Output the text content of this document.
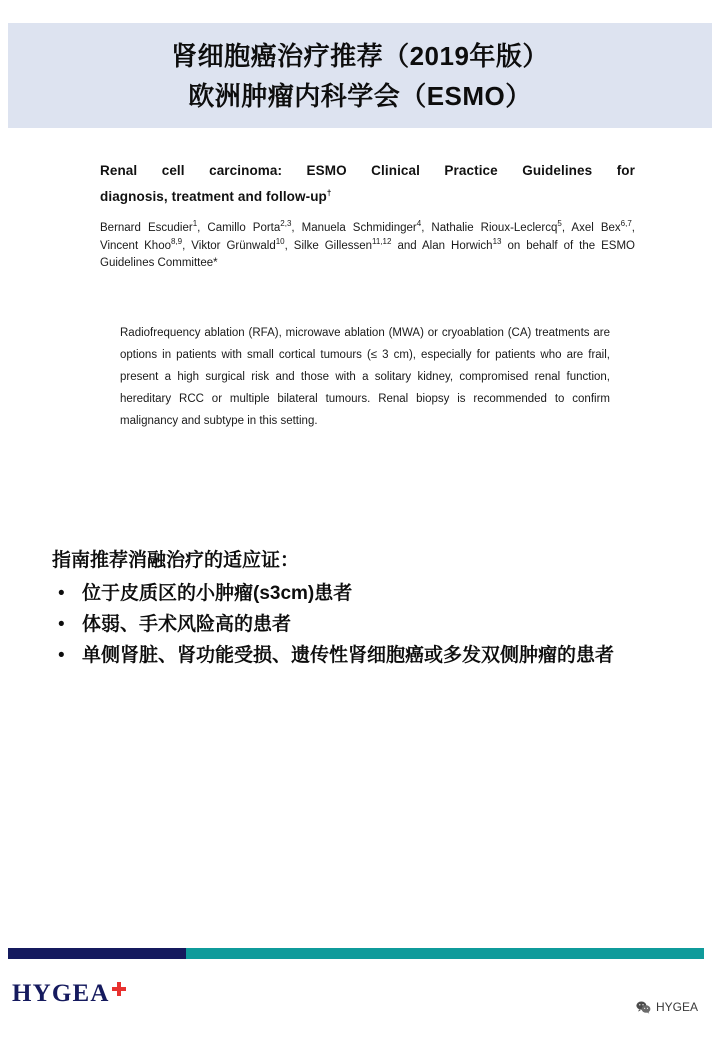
肾细胞癌治疗推荐（2019年版）
欧洲肿瘤内科学会（ESMO）
Renal cell carcinoma: ESMO Clinical Practice Guidelines for
diagnosis, treatment and follow-up†
Bernard Escudier$^1$, Camillo Porta$^{2,3}$, Manuela Schmidinger$^4$, Nathalie Rioux-Leclercq$^5$, Axel Bex$^{6,7}$, Vincent Khoo$^{8,9}$, Viktor Grünwald$^{10}$, Silke Gillessen$^{11,12}$ and Alan Horwich$^{13}$ on behalf of the ESMO Guidelines Committee*
Radiofrequency ablation (RFA), microwave ablation (MWA) or cryoablation (CA) treatments are options in patients with small cortical tumours (≤ 3 cm), especially for patients who are frail, present a high surgical risk and those with a solitary kidney, compromised renal function, hereditary RCC or multiple bilateral tumours. Renal biopsy is recommended to confirm malignancy and subtype in this setting.
指南推荐消融治疗的适应证：
• 位于皮质区的小肿瘤(s3cm)患者
• 体弱、手术风险高的患者
• 单侧肾脏、肾功能受损、遗传性肾细胞癌或多发双侧肿瘤的患者
HYGEA	HYGEA
